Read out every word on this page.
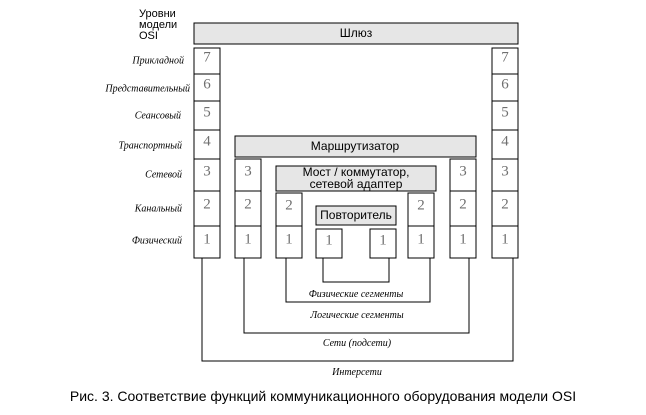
Уровни
модели
OSI	Шлюз
Маршрутизатор
Мост / коммутатор,
сетевой адаптер
Повторитель
Прикладной
Представительный
Сеансовый
Транспортный
Сетевой
Канальный
Физический
7
6
5
4
3
2
1
7
6
5
4
3
2
1
3
2
1
3
2
1
2
1
2
1
1	1
Физические сегменты
Логические сегменты
Сети (подсети)
Интерсети
Рис. 3. Соответствие функций коммуникационного оборудования модели OSI
